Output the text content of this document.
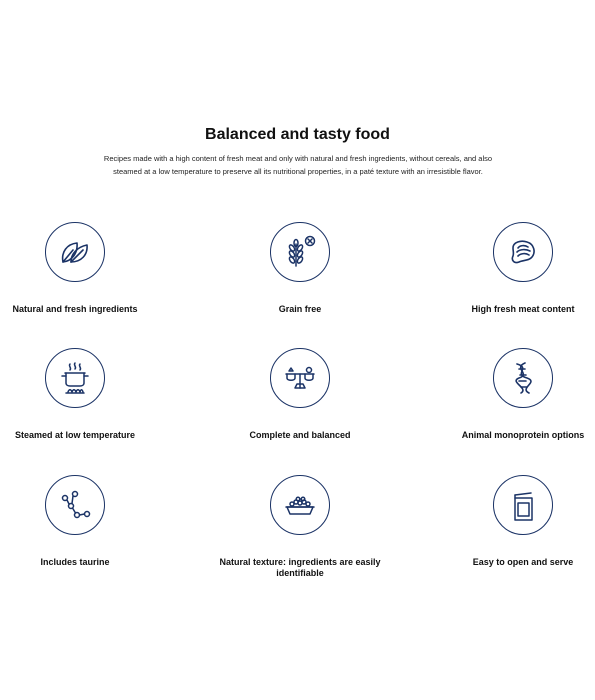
Balanced and tasty food

Recipes made with a high content of fresh meat and only with natural and fresh ingredients, without cereals, and also steamed at a low temperature to preserve all its nutritional properties, in a paté texture with an irresistible flavor.

Natural and fresh ingredients	Grain free	High fresh meat content
Steamed at low temperature	Complete and balanced	Animal monoprotein options
Includes taurine	Natural texture: ingredients are easily identifiable
Easy to open and serve
